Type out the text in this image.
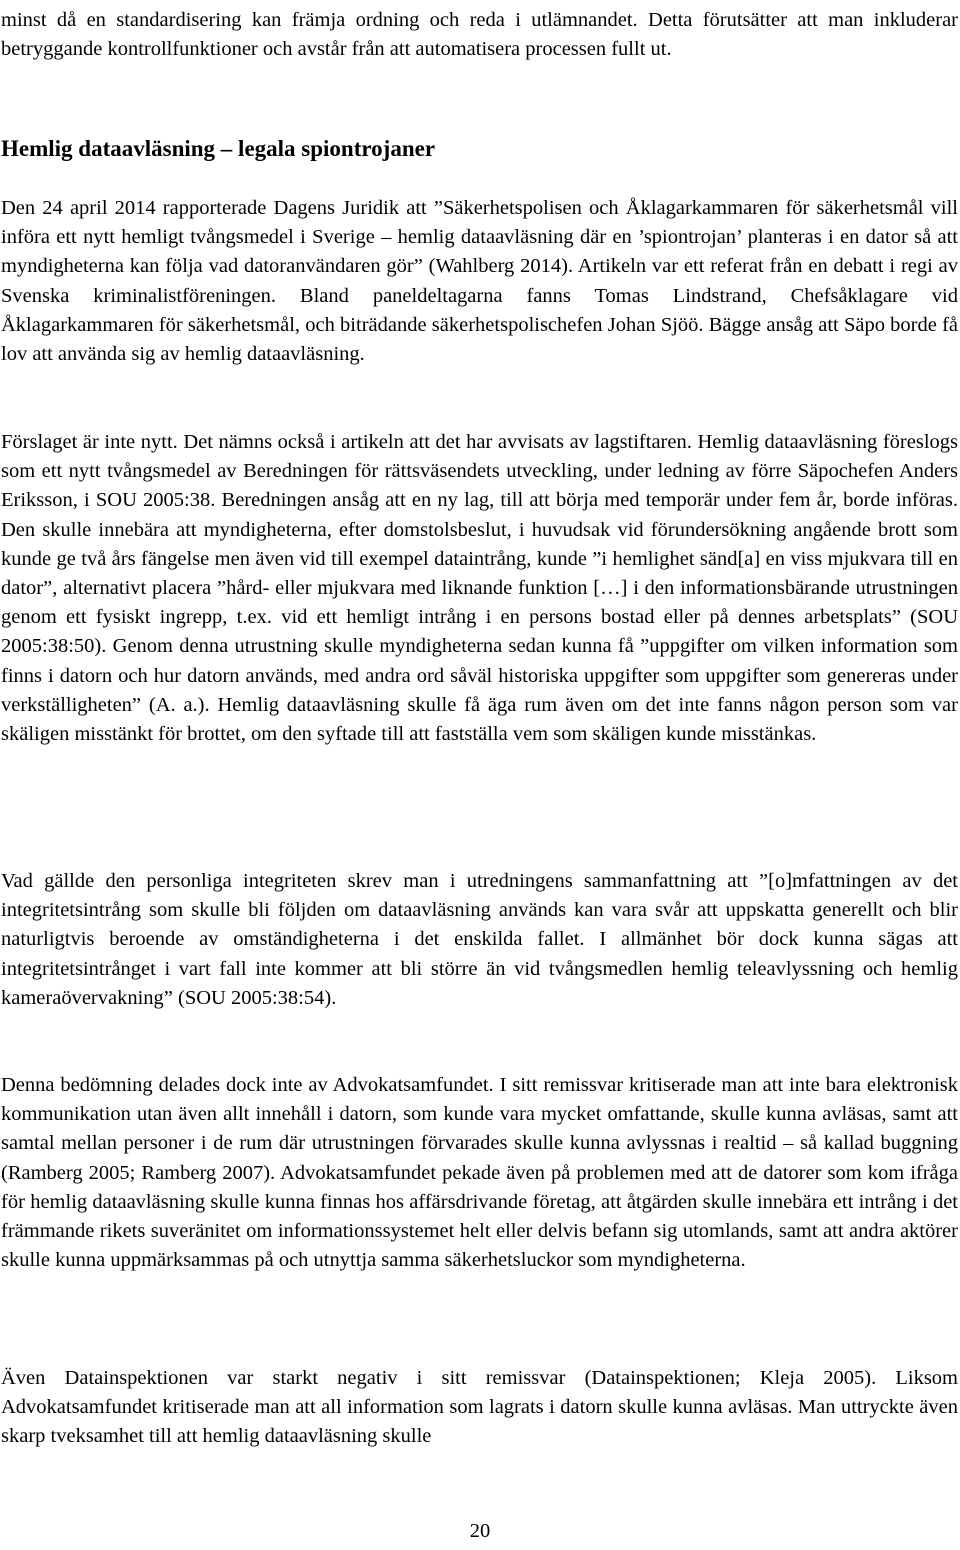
minst då en standardisering kan främja ordning och reda i utlämnandet. Detta förutsätter att man inkluderar betryggande kontrollfunktioner och avstår från att automatisera processen fullt ut.

Hemlig dataavläsning – legala spiontrojaner

Den 24 april 2014 rapporterade Dagens Juridik att ”Säkerhetspolisen och Åklagarkammaren för säkerhetsmål vill införa ett nytt hemligt tvångsmedel i Sverige – hemlig dataavläsning där en ’spiontrojan’ planteras i en dator så att myndigheterna kan följa vad datoranvändaren gör” (Wahlberg 2014). Artikeln var ett referat från en debatt i regi av Svenska kriminalistföreningen. Bland paneldeltagarna fanns Tomas Lindstrand, Chefsåklagare vid Åklagarkammaren för säkerhetsmål, och biträdande säkerhetspolischefen Johan Sjöö. Bägge ansåg att Säpo borde få lov att använda sig av hemlig dataavläsning.

Förslaget är inte nytt. Det nämns också i artikeln att det har avvisats av lagstiftaren. Hemlig dataavläsning föreslogs som ett nytt tvångsmedel av Beredningen för rättsväsendets utveckling, under ledning av förre Säpochefen Anders Eriksson, i SOU 2005:38. Beredningen ansåg att en ny lag, till att börja med temporär under fem år, borde införas. Den skulle innebära att myndigheterna, efter domstolsbeslut, i huvudsak vid förundersökning angående brott som kunde ge två års fängelse men även vid till exempel dataintrång, kunde ”i hemlighet sänd[a] en viss mjukvara till en dator”, alternativt placera ”hård- eller mjukvara med liknande funktion […] i den informationsbärande utrustningen genom ett fysiskt ingrepp, t.ex. vid ett hemligt intrång i en persons bostad eller på dennes arbetsplats” (SOU 2005:38:50). Genom denna utrustning skulle myndigheterna sedan kunna få ”uppgifter om vilken information som finns i datorn och hur datorn används, med andra ord såväl historiska uppgifter som uppgifter som genereras under verkställigheten” (A. a.). Hemlig dataavläsning skulle få äga rum även om det inte fanns någon person som var skäligen misstänkt för brottet, om den syftade till att fastställa vem som skäligen kunde misstänkas.

Vad gällde den personliga integriteten skrev man i utredningens sammanfattning att ”[o]mfattningen av det integritetsintrång som skulle bli följden om dataavläsning används kan vara svår att uppskatta generellt och blir naturligtvis beroende av omständigheterna i det enskilda fallet. I allmänhet bör dock kunna sägas att integritetsintrånget i vart fall inte kommer att bli större än vid tvångsmedlen hemlig teleavlyssning och hemlig kameraövervakning” (SOU 2005:38:54).

Denna bedömning delades dock inte av Advokatsamfundet. I sitt remissvar kritiserade man att inte bara elektronisk kommunikation utan även allt innehåll i datorn, som kunde vara mycket omfattande, skulle kunna avläsas, samt att samtal mellan personer i de rum där utrustningen förvarades skulle kunna avlyssnas i realtid – så kallad buggning (Ramberg 2005; Ramberg 2007). Advokatsamfundet pekade även på problemen med att de datorer som kom ifråga för hemlig dataavläsning skulle kunna finnas hos affärsdrivande företag, att åtgärden skulle innebära ett intrång i det främmande rikets suveränitet om informationssystemet helt eller delvis befann sig utomlands, samt att andra aktörer skulle kunna uppmärksammas på och utnyttja samma säkerhetsluckor som myndigheterna.

Även Datainspektionen var starkt negativ i sitt remissvar (Datainspektionen; Kleja 2005). Liksom Advokatsamfundet kritiserade man att all information som lagrats i datorn skulle kunna avläsas. Man uttryckte även skarp tveksamhet till att hemlig dataavläsning skulle

20
